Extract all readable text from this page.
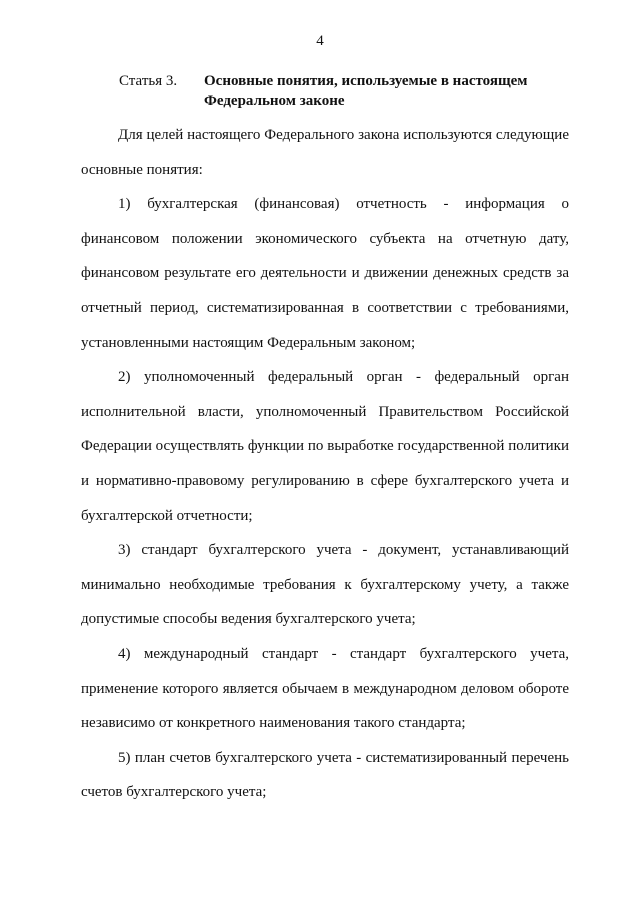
4
Статья 3. Основные понятия, используемые в настоящем Федеральном законе

Для целей настоящего Федерального закона используются следующие основные понятия:

1) бухгалтерская (финансовая) отчетность - информация о финансовом положении экономического субъекта на отчетную дату, финансовом результате его деятельности и движении денежных средств за отчетный период, систематизированная в соответствии с требованиями, установленными настоящим Федеральным законом;

2) уполномоченный федеральный орган - федеральный орган исполнительной власти, уполномоченный Правительством Российской Федерации осуществлять функции по выработке государственной политики и нормативно-правовому регулированию в сфере бухгалтерского учета и бухгалтерской отчетности;

3) стандарт бухгалтерского учета - документ, устанавливающий минимально необходимые требования к бухгалтерскому учету, а также допустимые способы ведения бухгалтерского учета;

4) международный стандарт - стандарт бухгалтерского учета, применение которого является обычаем в международном деловом обороте независимо от конкретного наименования такого стандарта;

5) план счетов бухгалтерского учета - систематизированный перечень счетов бухгалтерского учета;
